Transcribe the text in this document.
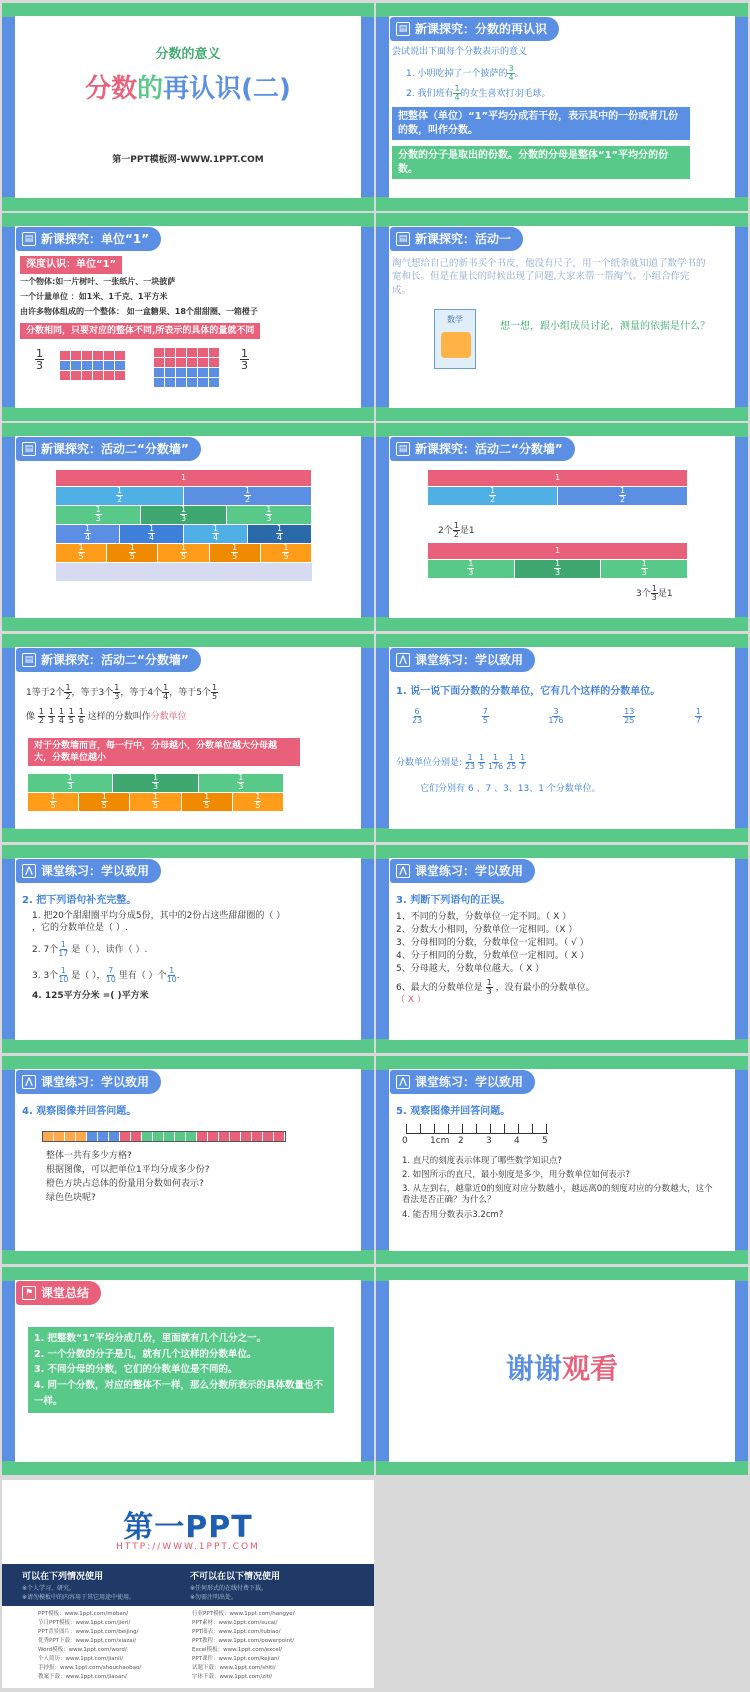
分数的意义
分数的再认识(二)
第一PPT模板网-WWW.1PPT.COM
▤ 新课探究：分数的再认识
尝试说出下面每个分数表示的意义
1. 小明吃掉了一个披萨的 $\frac{3}{4}$ 。
2. 我们班有 $\frac{1}{4}$ 的女生喜欢打羽毛球。
把整体（单位）“1”平均分成若干份，表示其中的一份或者几份的数，叫作分数。
分数的分子是取出的份数。分数的分母是整体“1”平均分的份数。
▤ 新课探究：单位“1”
深度认识：单位“1”
一个物体:如一片树叶、一张纸片、一块披萨
一个计量单位 ：如1米、1千克、1平方米
由许多物体组成的一个整体： 如一盒糖果、18个甜甜圈、一箱橙子
分数相同，只要对应的整体不同,所表示的具体的量就不同
$\frac{1}{3}$	$\frac{1}{3}$
▤ 新课探究：活动一
淘气想给自己的新书买个书皮，他没有尺子，用一个纸条就知道了数学书的宽和长。但是在量长的时候出现了问题,大家来帮一帮淘气。小组合作完成。
数学
想一想，跟小组成员讨论，测量的依据是什么？
▤ 新课探究：活动二“分数墙”
1
$\frac{1}{2}$	$\frac{1}{2}$
$\frac{1}{3}$	$\frac{1}{3}$	$\frac{1}{3}$
$\frac{1}{4}$	$\frac{1}{4}$	$\frac{1}{4}$	$\frac{1}{4}$
$\frac{1}{5}$	$\frac{1}{5}$	$\frac{1}{5}$	$\frac{1}{5}$	$\frac{1}{5}$
▤ 新课探究：活动二“分数墙”
1
$\frac{1}{2}$	$\frac{1}{2}$
2个 $\frac{1}{2}$ 是1
1
$\frac{1}{3}$	$\frac{1}{3}$	$\frac{1}{3}$
3个 $\frac{1}{3}$ 是1
▤ 新课探究：活动二“分数墙”
1等于2个 $\frac{1}{2}$ ，等于3个 $\frac{1}{3}$ ，等于4个 $\frac{1}{4}$ ，等于5个 $\frac{1}{5}$
像 $\frac{1}{2}$
$\frac{1}{3}$
$\frac{1}{4}$
$\frac{1}{5}$
$\frac{1}{6}$ 这样的分数叫作分数单位
对于分数墙而言，每一行中，分母越小，分数单位越大分母越大，分数单位越小
$\frac{1}{3}$	$\frac{1}{3}$	$\frac{1}{3}$
$\frac{1}{5}$	$\frac{1}{5}$	$\frac{1}{5}$	$\frac{1}{5}$	$\frac{1}{5}$
⋀ 课堂练习：学以致用
1. 说一说下面分数的分数单位，它有几个这样的分数单位。
$\frac{6}{23}$	$\frac{7}{5}$	$\frac{3}{176}$	$\frac{13}{25}$	$\frac{1}{7}$
分数单位分别是: $\frac{1}{23}$
$\frac{1}{5}$
$\frac{1}{176}$
$\frac{1}{25}$
$\frac{1}{7}$
它们分别有 6 、7 、3、13、1 个分数单位。
⋀ 课堂练习：学以致用
2. 把下列语句补充完整。
1. 把20个甜甜圈平均分成5份，其中的2份占这些甜甜圈的（ ）
，它的分数单位是（ ）.
2. 7个 $\frac{1}{17}$ 是（ ），读作（ ）.
3. 3个 $\frac{1}{10}$ 是（ ）， $\frac{7}{10}$ 里有（ ）个 $\frac{1}{10}$ .
4. 125平方分米 =( )平方米
⋀ 课堂练习：学以致用
3. 判断下列语句的正误。
1、不同的分数，分数单位一定不同。（ X ）
2、分数大小相同，分数单位一定相同。（X ）
3、分母相同的分数，分数单位一定相同。（ √ ）
4、分子相同的分数，分数单位一定相同。（ X ）
5、分母越大，分数单位越大。（ X ）
6、最大的分数单位是 $\frac{1}{3}$ ，没有最小的分数单位。
（ X ）
⋀ 课堂练习：学以致用
4. 观察图像并回答问题。
整体一共有多少方格?
根据图像，可以把单位1平均分成多少份?
橙色方块占总体的份量用分数如何表示?
绿色色块呢?
⋀ 课堂练习：学以致用
5. 观察图像并回答问题。
0 1cm 2 3 4 5
1. 直尺的刻度表示体现了哪些数学知识点?
2. 如图所示的直尺，最小刻度是多少，用分数单位如何表示?
3. 从左到右，越靠近0的刻度对应分数越小，越远离0的刻度对应的分数越大，这个看法是否正确？为什么？
4. 能否用分数表示3.2cm?
⚑ 课堂总结
1. 把整数“1”平均分成几份，里面就有几个几分之一。
2. 一个分数的分子是几，就有几个这样的分数单位。
3. 不同分母的分数，它们的分数单位是不同的。
4. 同一个分数，对应的整体不一样，那么分数所表示的具体数量也不一样。
谢谢观看
第一PPT
HTTP://WWW.1PPT.COM
可以在下列情况使用
※个人学习、研究。
※请勿模板中的内容用于其它用途中使用。
不可以在以下情况使用
※任何形式的在线付费下载。
※勿需注明出处。
PPT模板：www.1ppt.com/moban/
节日PPT模板：www.1ppt.com/jieri/
PPT背景图片：www.1ppt.com/beijing/
优秀PPT下载：www.1ppt.com/xiazai/
Word模板：www.1ppt.com/word/
个人简历：www.1ppt.com/jianli/
手抄报：www.1ppt.com/shouchaobao/
教案下载：www.1ppt.com/jiaoan/
行业PPT模板：www.1ppt.com/hangye/
PPT素材：www.1ppt.com/sucai/
PPT图表：www.1ppt.com/tubiao/
PPT教程：www.1ppt.com/powerpoint/
Excel模板：www.1ppt.com/excel/
PPT课件：www.1ppt.com/kejian/
试题下载：www.1ppt.com/shiti/
字体下载：www.1ppt.com/ziti/
